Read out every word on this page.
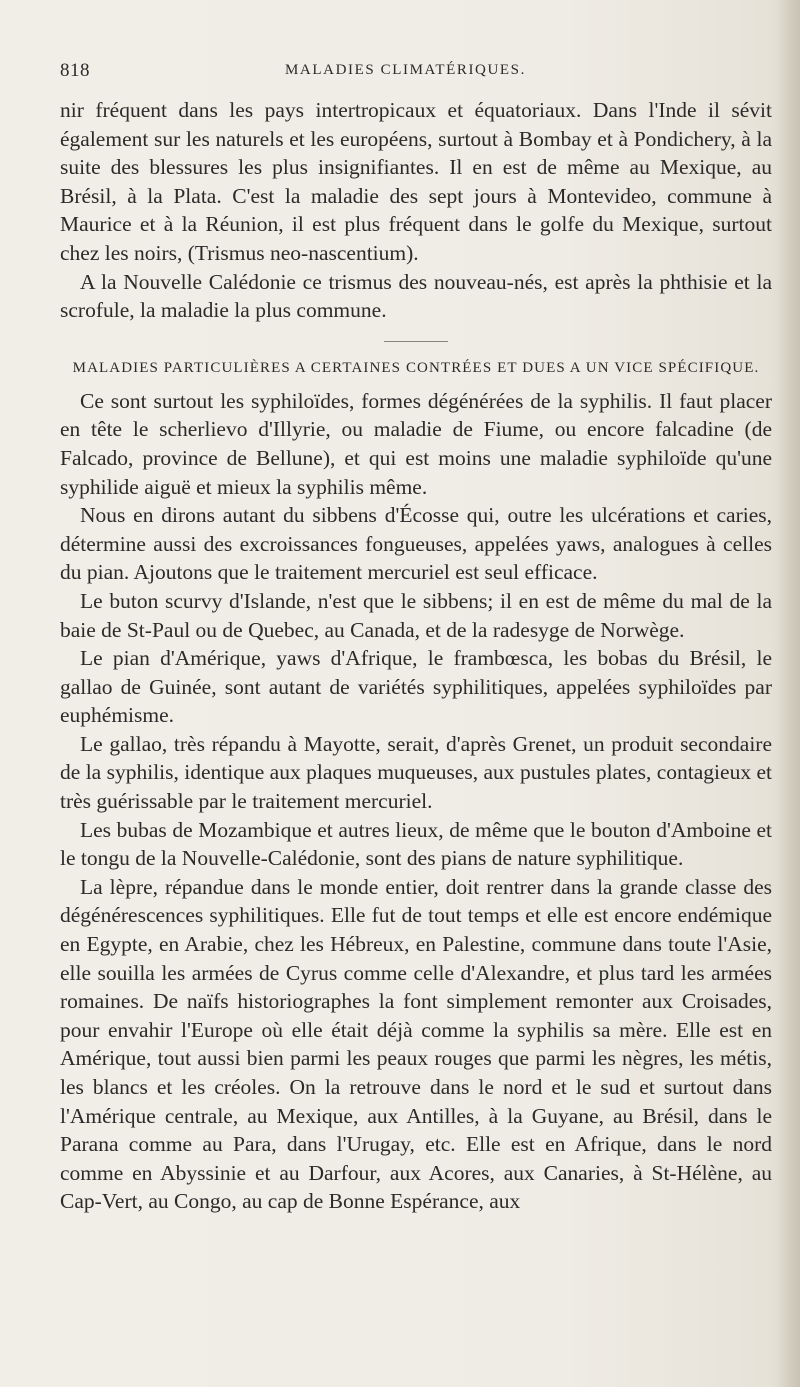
818	MALADIES CLIMATÉRIQUES.

nir fréquent dans les pays intertropicaux et équatoriaux. Dans l'Inde il sévit également sur les naturels et les européens, surtout à Bombay et à Pondichery, à la suite des blessures les plus insignifiantes. Il en est de même au Mexique, au Brésil, à la Plata. C'est la maladie des sept jours à Montevideo, commune à Maurice et à la Réunion, il est plus fréquent dans le golfe du Mexique, surtout chez les noirs, (Trismus neo-nascentium).

A la Nouvelle Calédonie ce trismus des nouveau-nés, est après la phthisie et la scrofule, la maladie la plus commune.

MALADIES PARTICULIÈRES A CERTAINES CONTRÉES ET DUES A UN VICE SPÉCIFIQUE.

Ce sont surtout les syphiloïdes, formes dégénérées de la syphilis. Il faut placer en tête le scherlievo d'Illyrie, ou maladie de Fiume, ou encore falcadine (de Falcado, province de Bellune), et qui est moins une maladie syphiloïde qu'une syphilide aiguë et mieux la syphilis même.

Nous en dirons autant du sibbens d'Écosse qui, outre les ulcérations et caries, détermine aussi des excroissances fongueuses, appelées yaws, analogues à celles du pian. Ajoutons que le traitement mercuriel est seul efficace.

Le buton scurvy d'Islande, n'est que le sibbens; il en est de même du mal de la baie de St-Paul ou de Quebec, au Canada, et de la radesyge de Norwège.

Le pian d'Amérique, yaws d'Afrique, le frambœsca, les bobas du Brésil, le gallao de Guinée, sont autant de variétés syphilitiques, appelées syphiloïdes par euphémisme.

Le gallao, très répandu à Mayotte, serait, d'après Grenet, un produit secondaire de la syphilis, identique aux plaques muqueuses, aux pustules plates, contagieux et très guérissable par le traitement mercuriel.

Les bubas de Mozambique et autres lieux, de même que le bouton d'Amboine et le tongu de la Nouvelle-Calédonie, sont des pians de nature syphilitique.

La lèpre, répandue dans le monde entier, doit rentrer dans la grande classe des dégénérescences syphilitiques. Elle fut de tout temps et elle est encore endémique en Egypte, en Arabie, chez les Hébreux, en Palestine, commune dans toute l'Asie, elle souilla les armées de Cyrus comme celle d'Alexandre, et plus tard les armées romaines. De naïfs historiographes la font simplement remonter aux Croisades, pour envahir l'Europe où elle était déjà comme la syphilis sa mère. Elle est en Amérique, tout aussi bien parmi les peaux rouges que parmi les nègres, les métis, les blancs et les créoles. On la retrouve dans le nord et le sud et surtout dans l'Amérique centrale, au Mexique, aux Antilles, à la Guyane, au Brésil, dans le Parana comme au Para, dans l'Urugay, etc. Elle est en Afrique, dans le nord comme en Abyssinie et au Darfour, aux Acores, aux Canaries, à St-Hélène, au Cap-Vert, au Congo, au cap de Bonne Espérance, aux
